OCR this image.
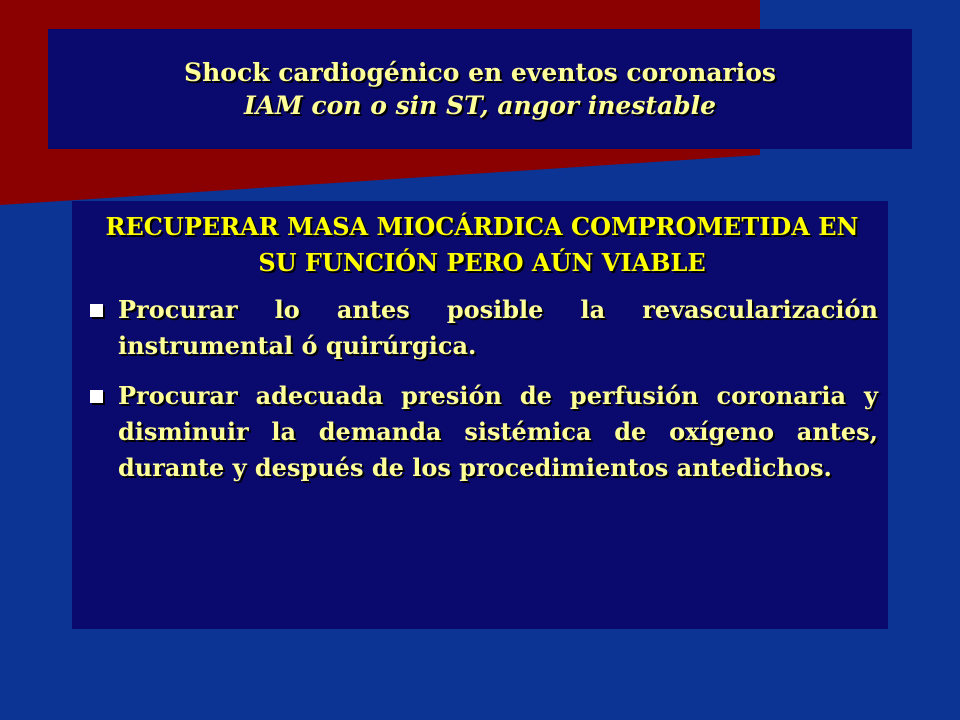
Shock cardiogénico en eventos coronarios
IAM con o sin ST, angor inestable
RECUPERAR MASA MIOCÁRDICA COMPROMETIDA EN SU FUNCIÓN PERO AÚN VIABLE
Procurar lo antes posible la revascularización instrumental ó quirúrgica.
Procurar adecuada presión de perfusión coronaria y disminuir la demanda sistémica de oxígeno antes, durante y después de los procedimientos antedichos.
